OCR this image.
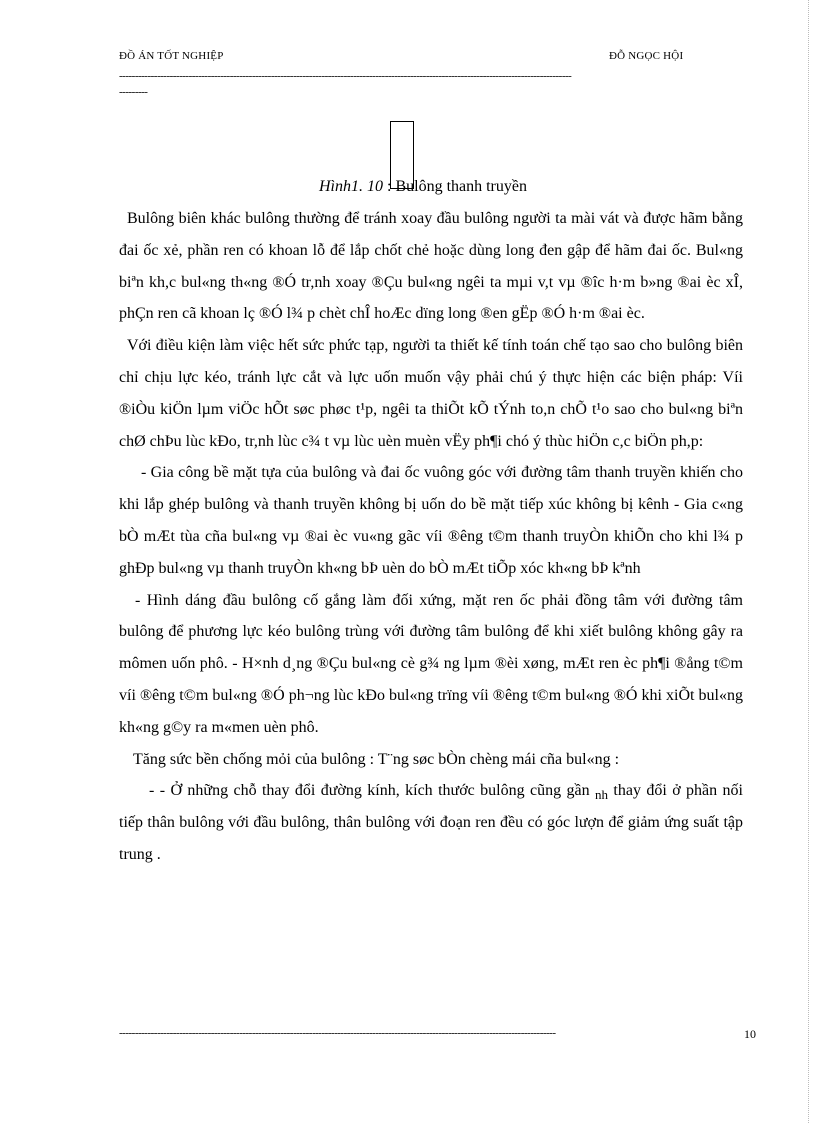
ĐỒ ÁN TỐT NGHIỆP	ĐỖ NGỌC HỘI
-----------------------------------------------------------------------------------------------------------------------------------------------
---------
Hình1. 10 : Bulông thanh truyền

Bulông biên khác bulông thường để tránh xoay đầu bulông người ta mài vát và được hãm bằng đai ốc xẻ, phần ren có khoan lỗ để lắp chốt chẻ hoặc dùng long đen gập để hãm đai ốc. Bul«ng biªn kh,c bul«ng th«ng ®Ó tr,nh xoay ®Çu bul«ng ngêi ta mµi v,t vµ ®îc h·m b»ng ®ai èc xÎ, phÇn ren cã khoan lç ®Ó l¾ p chèt chÎ hoÆc dïng long ®en gËp ®Ó h·m ®ai èc.

Với điều kiện làm việc hết sức phức tạp, người ta thiết kế tính toán chế tạo sao cho bulông biên chỉ chịu lực kéo, tránh lực cắt và lực uốn muốn vậy phải chú ý thực hiện các biện pháp: Víi ®iÒu kiÖn lµm viÖc hÕt søc phøc t¹p, ngêi ta thiÕt kÕ tÝnh to,n chÕ t¹o sao cho bul«ng biªn chØ chÞu lùc kÐo, tr,nh lùc c¾ t vµ lùc uèn muèn vËy ph¶i chó ý thùc hiÖn c,c biÖn ph,p:

- Gia công bề mặt tựa của bulông và đai ốc vuông góc với đường tâm thanh truyền khiến cho khi lắp ghép bulông và thanh truyền không bị uốn do bề mặt tiếp xúc không bị kênh - Gia c«ng bÒ mÆt tùa cña bul«ng vµ ®ai èc vu«ng gãc víi ®êng t©m thanh truyÒn khiÕn cho khi l¾ p ghÐp bul«ng vµ thanh truyÒn kh«ng bÞ uèn do bÒ mÆt tiÕp xóc kh«ng bÞ kªnh

- Hình dáng đầu bulông cố gắng làm đối xứng, mặt ren ốc phải đồng tâm với đường tâm bulông để phương lực kéo bulông trùng với đường tâm bulông để khi xiết bulông không gây ra mômen uốn phô. - H×nh d¸ng ®Çu bul«ng cè g¾ ng lµm ®èi xøng, mÆt ren èc ph¶i ®ång t©m víi ®êng t©m bul«ng ®Ó ph¬ng lùc kÐo bul«ng trïng víi ®êng t©m bul«ng ®Ó khi xiÕt bul«ng kh«ng g©y ra m«men uèn phô.

Tăng sức bền chống mỏi của bulông : T¨ng søc bÒn chèng mái cña bul«ng :

- - Ở những chỗ thay đổi đường kính, kích thước bulông cũng gần $_{nh}$ thay đổi ở phần nối tiếp thân bulông với đầu bulông, thân bulông với đoạn ren đều có góc lượn để giảm ứng suất tập trung .

------------------------------------------------------------------------------------------------------------------------------------------	10
